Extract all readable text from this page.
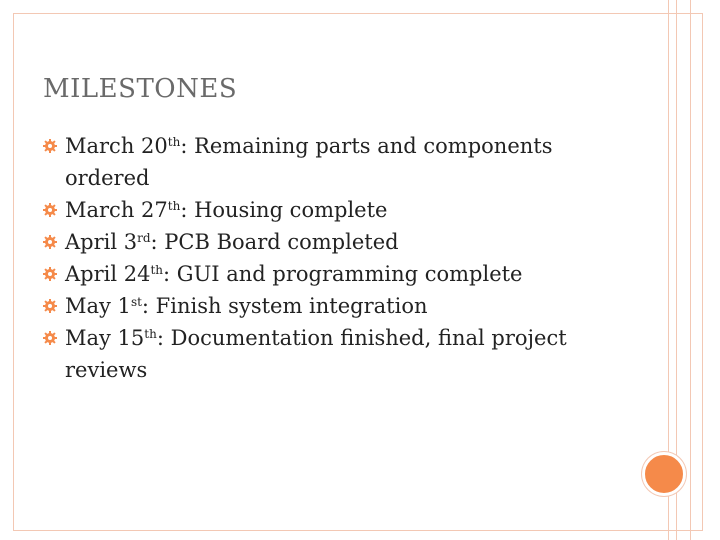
MILESTONES
March 20th: Remaining parts and components
ordered
March 27th: Housing complete
April 3rd: PCB Board completed
April 24th: GUI and programming complete
May 1st: Finish system integration
May 15th: Documentation finished, final project
reviews
